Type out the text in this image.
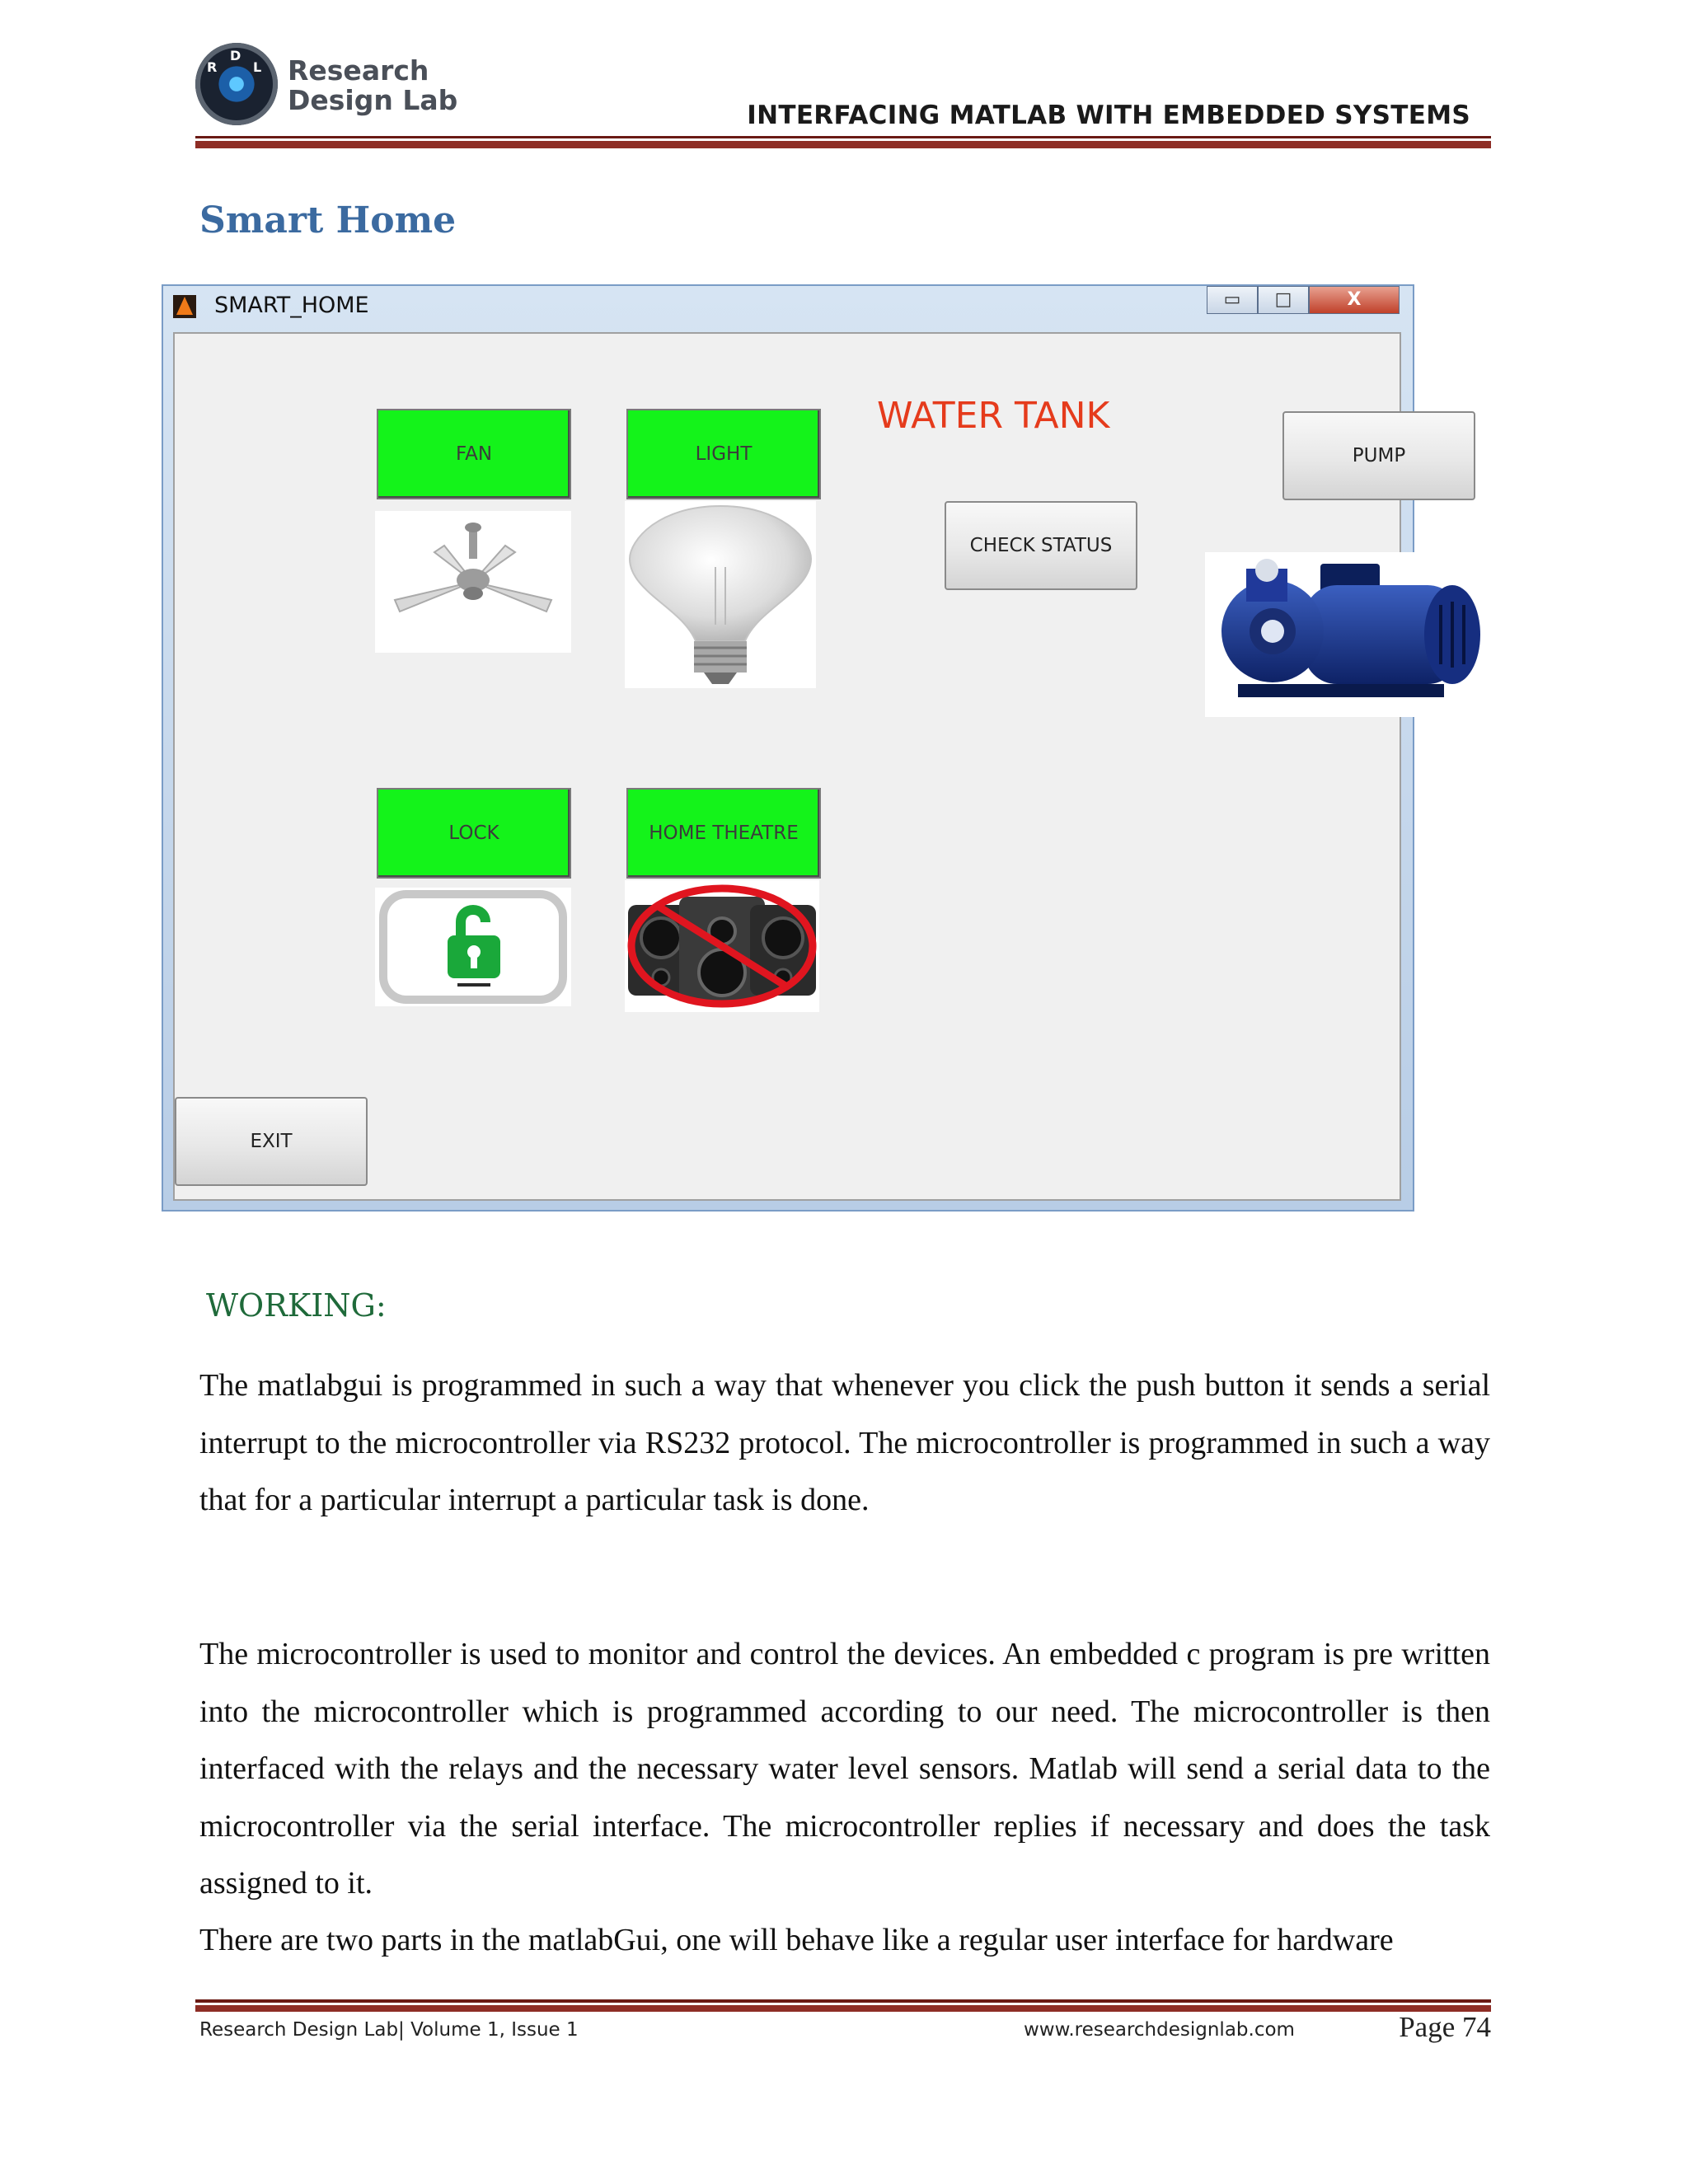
R
D
L Research
Design Lab	INTERFACING MATLAB WITH EMBEDDED SYSTEMS
Smart Home
SMART_HOME	▭	□	X
FAN	LIGHT
WATER TANK
CHECK STATUS
PUMP
LOCK	HOME THEATRE
EXIT
WORKING:

The matlabgui is programmed in such a way that whenever you click the push button it sends a serial interrupt to the microcontroller via RS232 protocol. The microcontroller is programmed in such a way that for a particular interrupt a particular task is done.

The microcontroller is used to monitor and control the devices. An embedded c program is pre written into the microcontroller which is programmed according to our need. The microcontroller is then interfaced with the relays and the necessary water level sensors. Matlab will send a serial data to the microcontroller via the serial interface. The microcontroller replies if necessary and does the task assigned to it.

There are two parts in the matlabGui, one will behave like a regular user interface for hardware

Research Design Lab| Volume 1, Issue 1	www.researchdesignlab.com	Page 74
